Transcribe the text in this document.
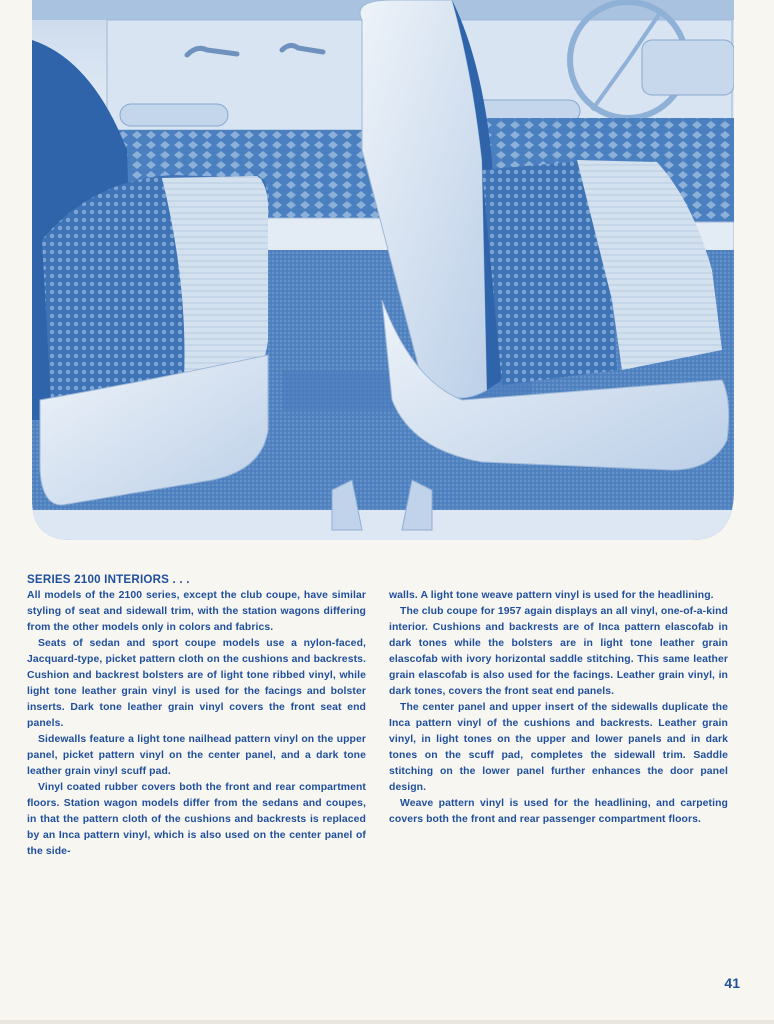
SERIES 2100 INTERIORS . . .
All models of the 2100 series, except the club coupe, have similar styling of seat and sidewall trim, with the station wagons differing from the other models only in colors and fabrics.
Seats of sedan and sport coupe models use a nylon-faced, Jacquard-type, picket pattern cloth on the cushions and backrests. Cushion and backrest bolsters are of light tone ribbed vinyl, while light tone leather grain vinyl is used for the facings and bolster inserts. Dark tone leather grain vinyl covers the front seat end panels.
Sidewalls feature a light tone nailhead pattern vinyl on the upper panel, picket pattern vinyl on the center panel, and a dark tone leather grain vinyl scuff pad.
Vinyl coated rubber covers both the front and rear compartment floors. Station wagon models differ from the sedans and coupes, in that the pattern cloth of the cushions and backrests is replaced by an Inca pattern vinyl, which is also used on the center panel of the side-
walls. A light tone weave pattern vinyl is used for the headlining.
The club coupe for 1957 again displays an all vinyl, one-of-a-kind interior. Cushions and backrests are of Inca pattern elascofab in dark tones while the bolsters are in light tone leather grain elascofab with ivory horizontal saddle stitching. This same leather grain elascofab is also used for the facings. Leather grain vinyl, in dark tones, covers the front seat end panels.
The center panel and upper insert of the sidewalls duplicate the Inca pattern vinyl of the cushions and backrests. Leather grain vinyl, in light tones on the upper and lower panels and in dark tones on the scuff pad, completes the sidewall trim. Saddle stitching on the lower panel further enhances the door panel design.
Weave pattern vinyl is used for the headlining, and carpeting covers both the front and rear passenger compartment floors.
41
